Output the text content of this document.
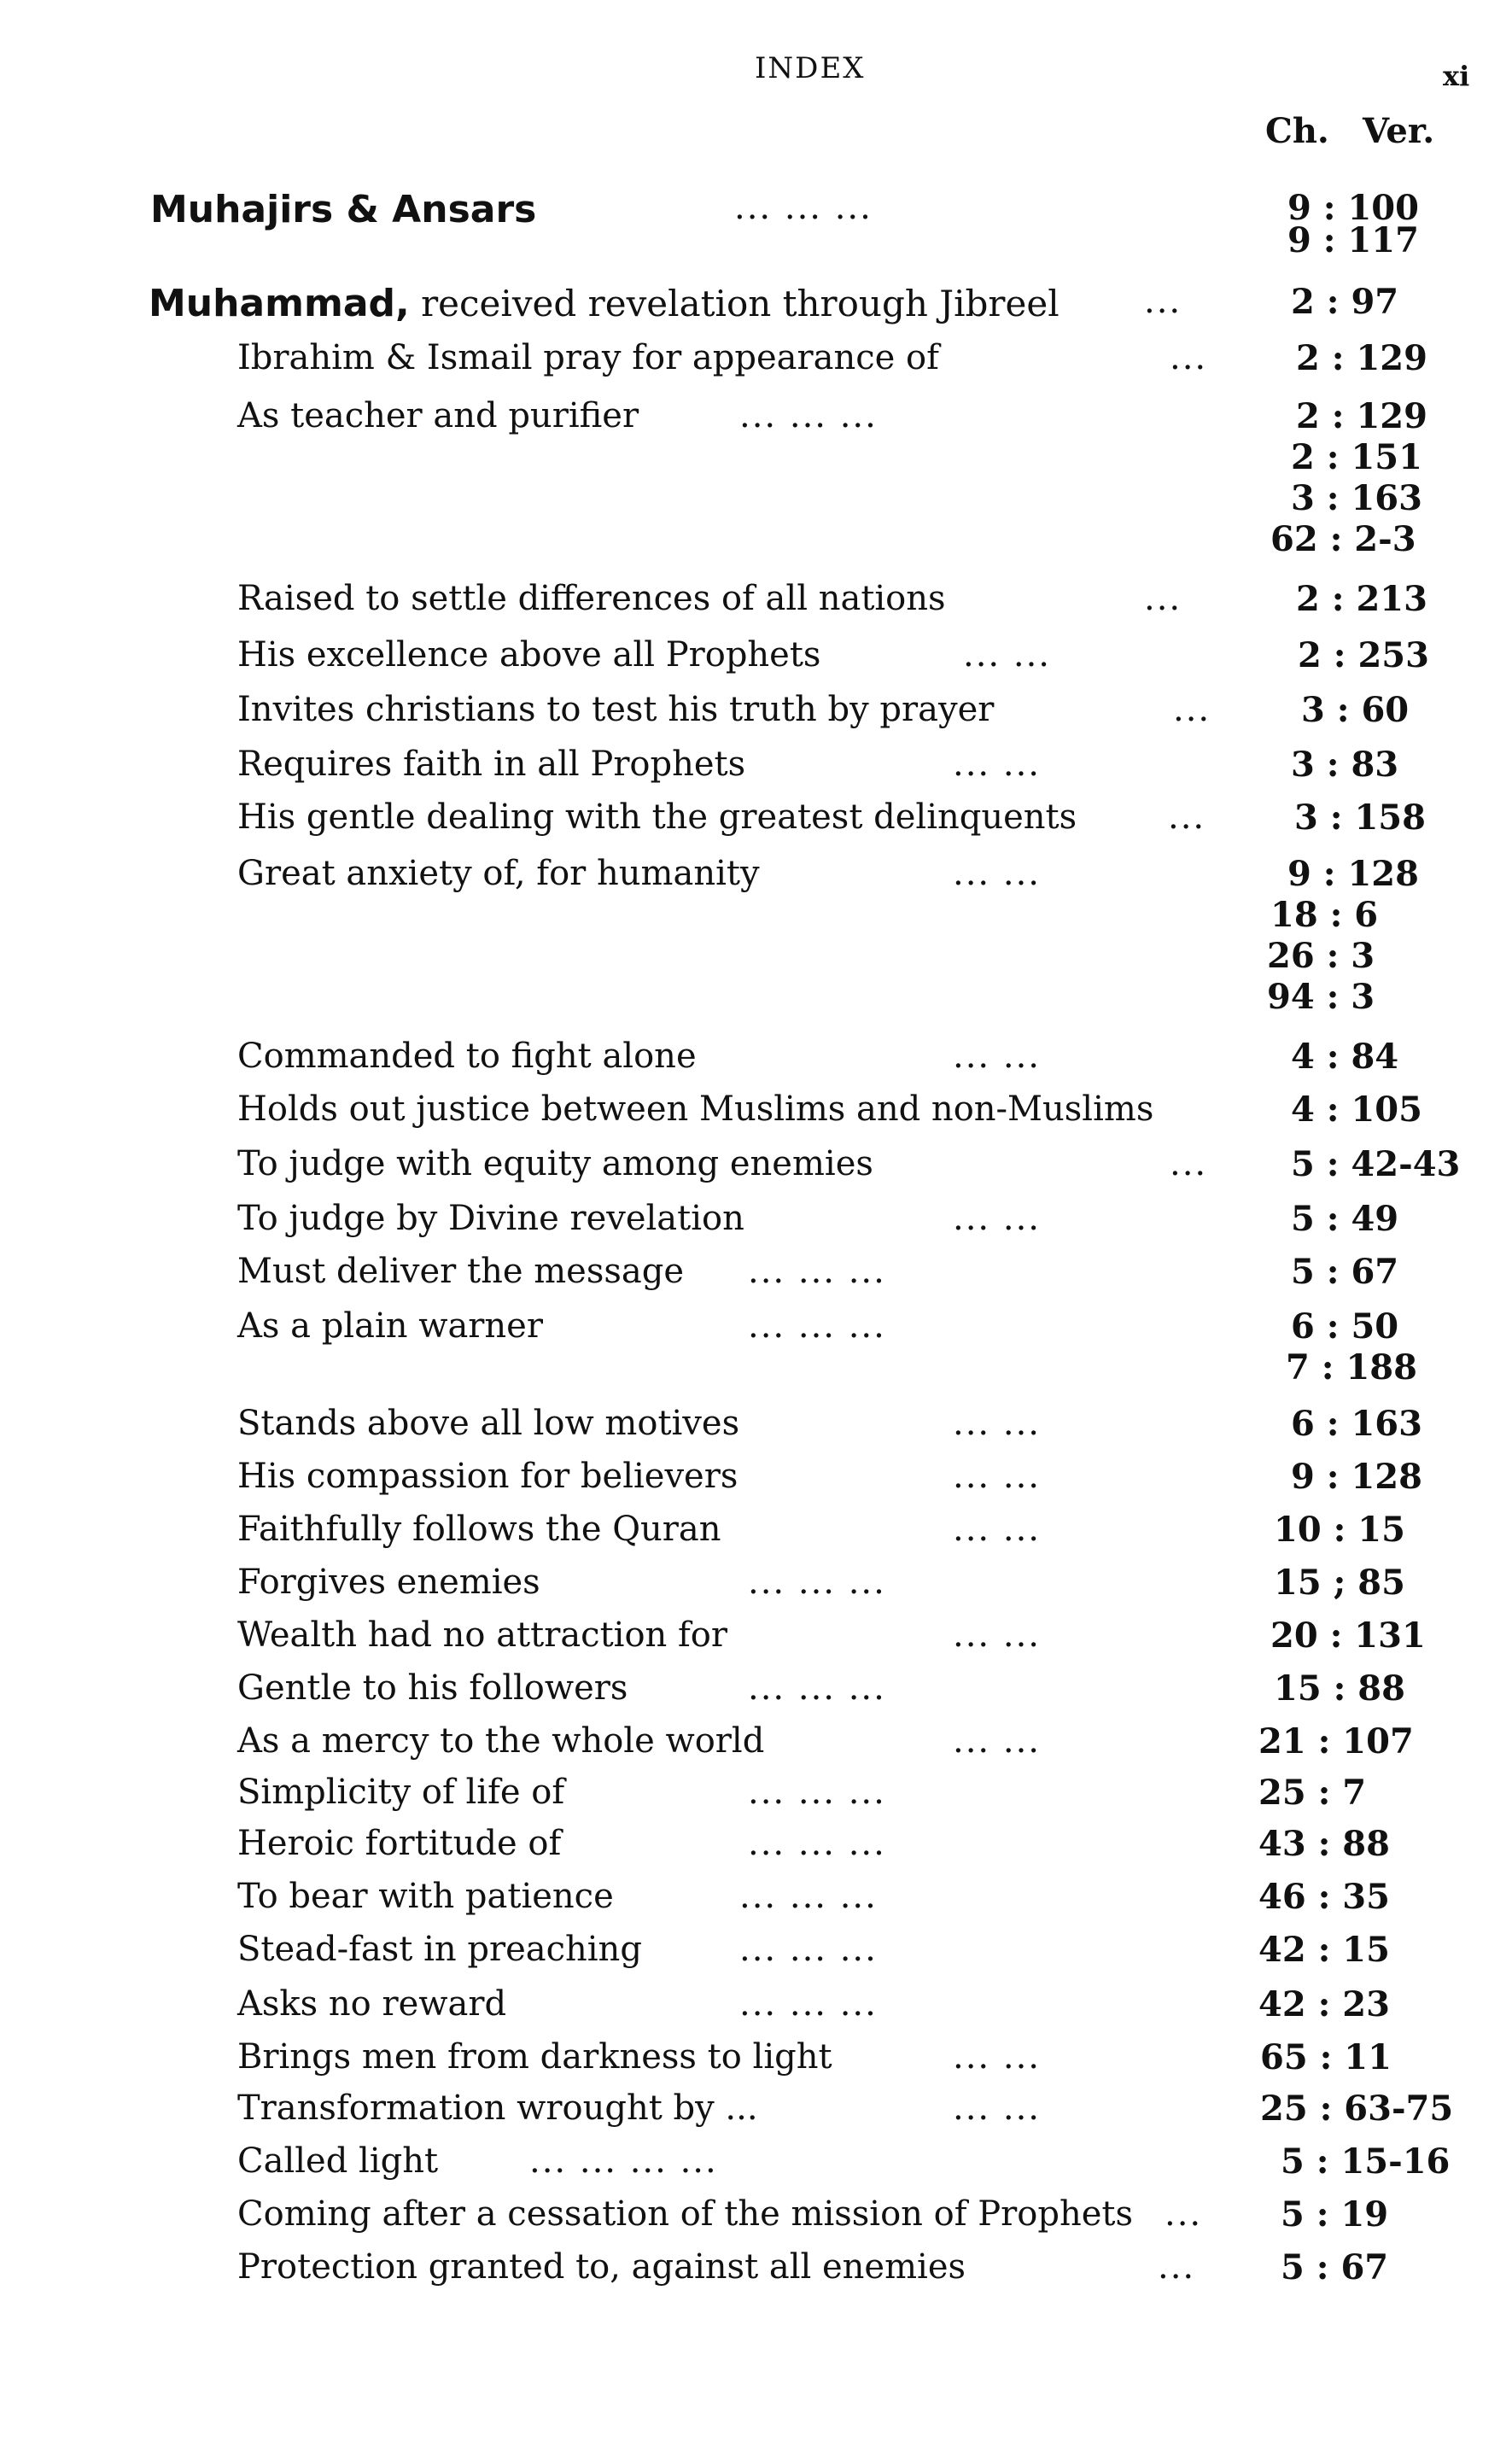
INDEX	xi
Ch. Ver.
Muhajirs & Ansars	... ... ...	9 : 100
9 : 117
Muhammad, received revelation through Jibreel ...	2 : 97
Ibrahim & Ismail pray for appearance of	...	2 : 129
As teacher and purifier	... ... ...	2 : 129
2 : 151
3 : 163
62 : 2-3
Raised to settle differences of all nations	...	2 : 213
His excellence above all Prophets	... ...	2 : 253
Invites christians to test his truth by prayer	...	3 : 60
Requires faith in all Prophets	... ...	3 : 83
His gentle dealing with the greatest delinquents	...	3 : 158
Great anxiety of, for humanity	... ...	9 : 128
18 : 6
26 : 3
94 : 3
Commanded to fight alone	... ...	4 : 84
Holds out justice between Muslims and non-Muslims	4 : 105
To judge with equity among enemies	... 5 : 42-43
To judge by Divine revelation	... ...	5 : 49
Must deliver the message ... ... ...	5 : 67
As a plain warner	... ... ...	6 : 50
7 : 188
Stands above all low motives	... ...	6 : 163
His compassion for believers	... ...	9 : 128
Faithfully follows the Quran	... ...	10 : 15
Forgives enemies	... ... ...	15 ; 85
Wealth had no attraction for	... ...	20 : 131
Gentle to his followers	... ... ...	15 : 88
As a mercy to the whole world	... ...	21 : 107
Simplicity of life of	... ... ...	25 : 7
Heroic fortitude of	... ... ...	43 : 88
To bear with patience	... ... ...	46 : 35
Stead-fast in preaching	... ... ...	42 : 15
Asks no reward	... ... ...	42 : 23
Brings men from darkness to light	... ...	65 : 11
Transformation wrought by ...	... ...	25 : 63-75
Called light	... ... ... ...	5 : 15-16
Coming after a cessation of the mission of Prophets ... 5 : 19
Protection granted to, against all enemies	... 5 : 67
